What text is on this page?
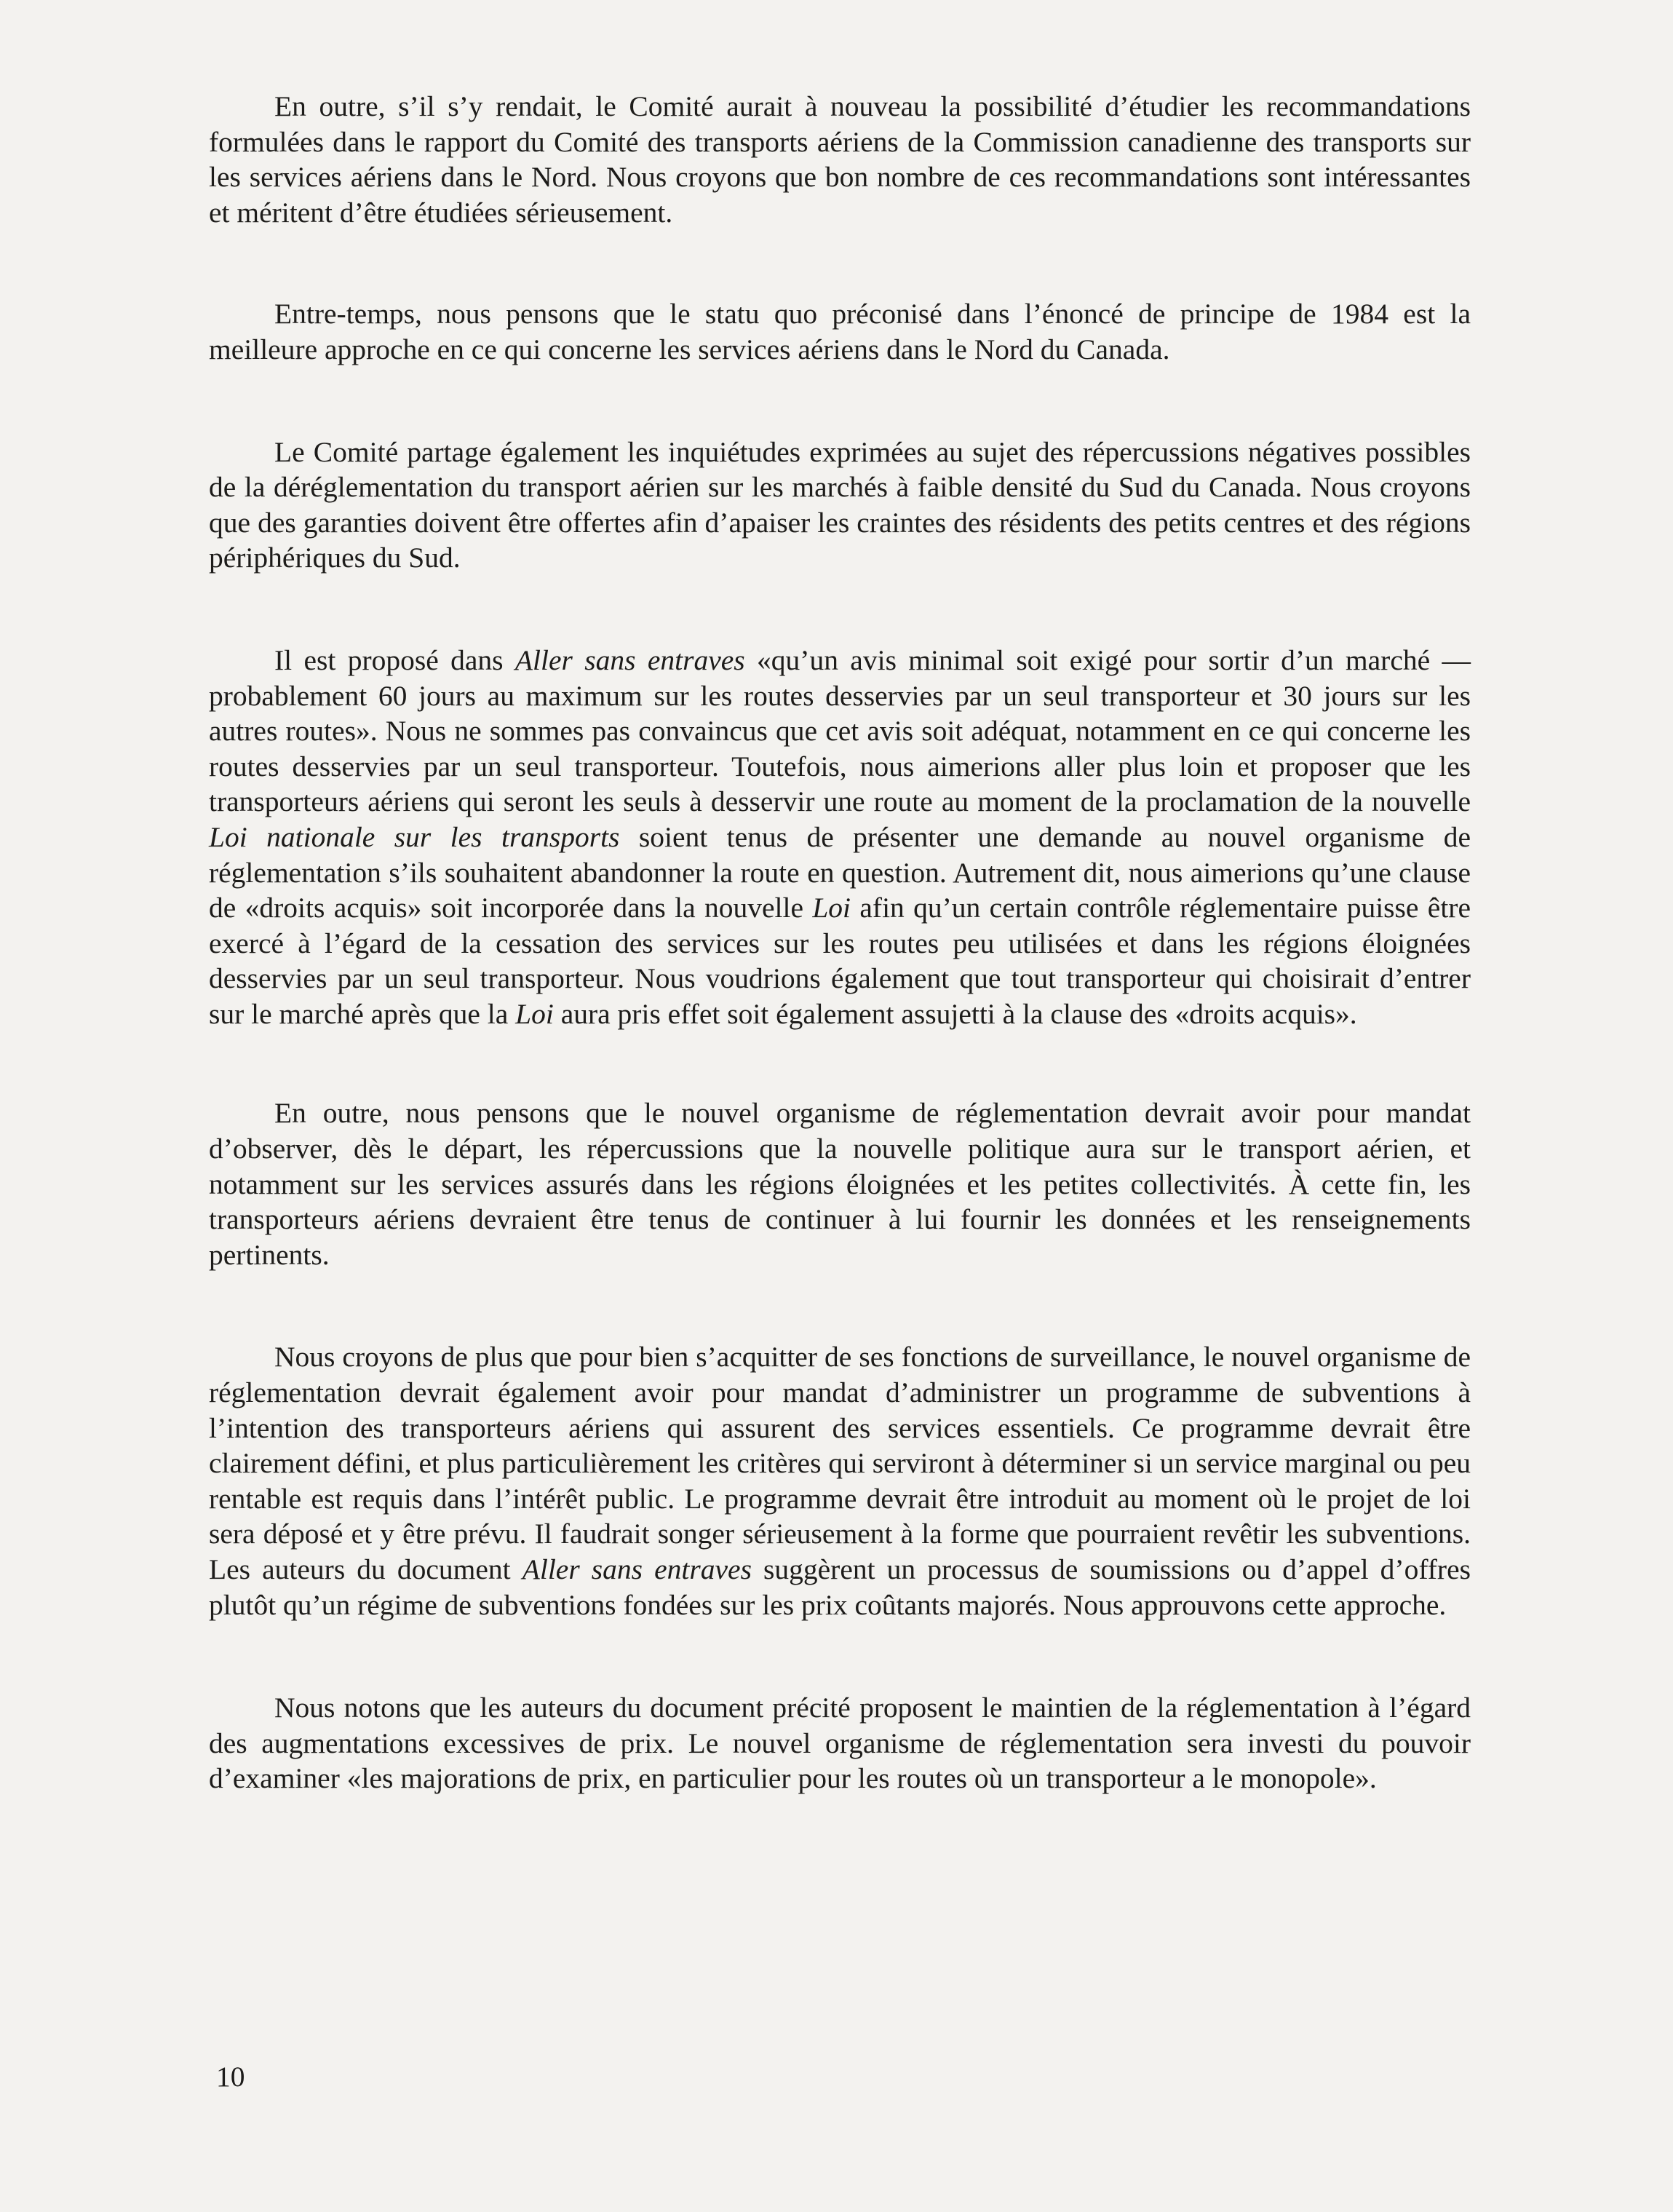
En outre, s’il s’y rendait, le Comité aurait à nouveau la possibilité d’étudier les recommandations formulées dans le rapport du Comité des transports aériens de la Commission canadienne des transports sur les services aériens dans le Nord. Nous croyons que bon nombre de ces recommandations sont intéressantes et méritent d’être étudiées sérieusement.

Entre-temps, nous pensons que le statu quo préconisé dans l’énoncé de principe de 1984 est la meilleure approche en ce qui concerne les services aériens dans le Nord du Canada.

Le Comité partage également les inquiétudes exprimées au sujet des répercussions négatives possibles de la déréglementation du transport aérien sur les marchés à faible densité du Sud du Canada. Nous croyons que des garanties doivent être offertes afin d’apaiser les craintes des résidents des petits centres et des régions périphériques du Sud.

Il est proposé dans Aller sans entraves «qu’un avis minimal soit exigé pour sortir d’un marché — probablement 60 jours au maximum sur les routes desservies par un seul transporteur et 30 jours sur les autres routes». Nous ne sommes pas convaincus que cet avis soit adéquat, notamment en ce qui concerne les routes desservies par un seul transporteur. Toutefois, nous aimerions aller plus loin et proposer que les transporteurs aériens qui seront les seuls à desservir une route au moment de la proclamation de la nouvelle Loi nationale sur les transports soient tenus de présenter une demande au nouvel organisme de réglementation s’ils souhaitent abandonner la route en question. Autrement dit, nous aimerions qu’une clause de «droits acquis» soit incorporée dans la nouvelle Loi afin qu’un certain contrôle réglementaire puisse être exercé à l’égard de la cessation des services sur les routes peu utilisées et dans les régions éloignées desservies par un seul transporteur. Nous voudrions également que tout transporteur qui choisirait d’entrer sur le marché après que la Loi aura pris effet soit également assujetti à la clause des «droits acquis».

En outre, nous pensons que le nouvel organisme de réglementation devrait avoir pour mandat d’observer, dès le départ, les répercussions que la nouvelle politique aura sur le transport aérien, et notamment sur les services assurés dans les régions éloignées et les petites collectivités. À cette fin, les transporteurs aériens devraient être tenus de continuer à lui fournir les données et les renseignements pertinents.

Nous croyons de plus que pour bien s’acquitter de ses fonctions de surveillance, le nouvel organisme de réglementation devrait également avoir pour mandat d’administrer un programme de subventions à l’intention des transporteurs aériens qui assurent des services essentiels. Ce programme devrait être clairement défini, et plus particulièrement les critères qui serviront à déterminer si un service marginal ou peu rentable est requis dans l’intérêt public. Le programme devrait être introduit au moment où le projet de loi sera déposé et y être prévu. Il faudrait songer sérieusement à la forme que pourraient revêtir les subventions. Les auteurs du document Aller sans entraves suggèrent un processus de soumissions ou d’appel d’offres plutôt qu’un régime de subventions fondées sur les prix coûtants majorés. Nous approuvons cette approche.

Nous notons que les auteurs du document précité proposent le maintien de la réglementation à l’égard des augmentations excessives de prix. Le nouvel organisme de réglementation sera investi du pouvoir d’examiner «les majorations de prix, en particulier pour les routes où un transporteur a le monopole».

10
